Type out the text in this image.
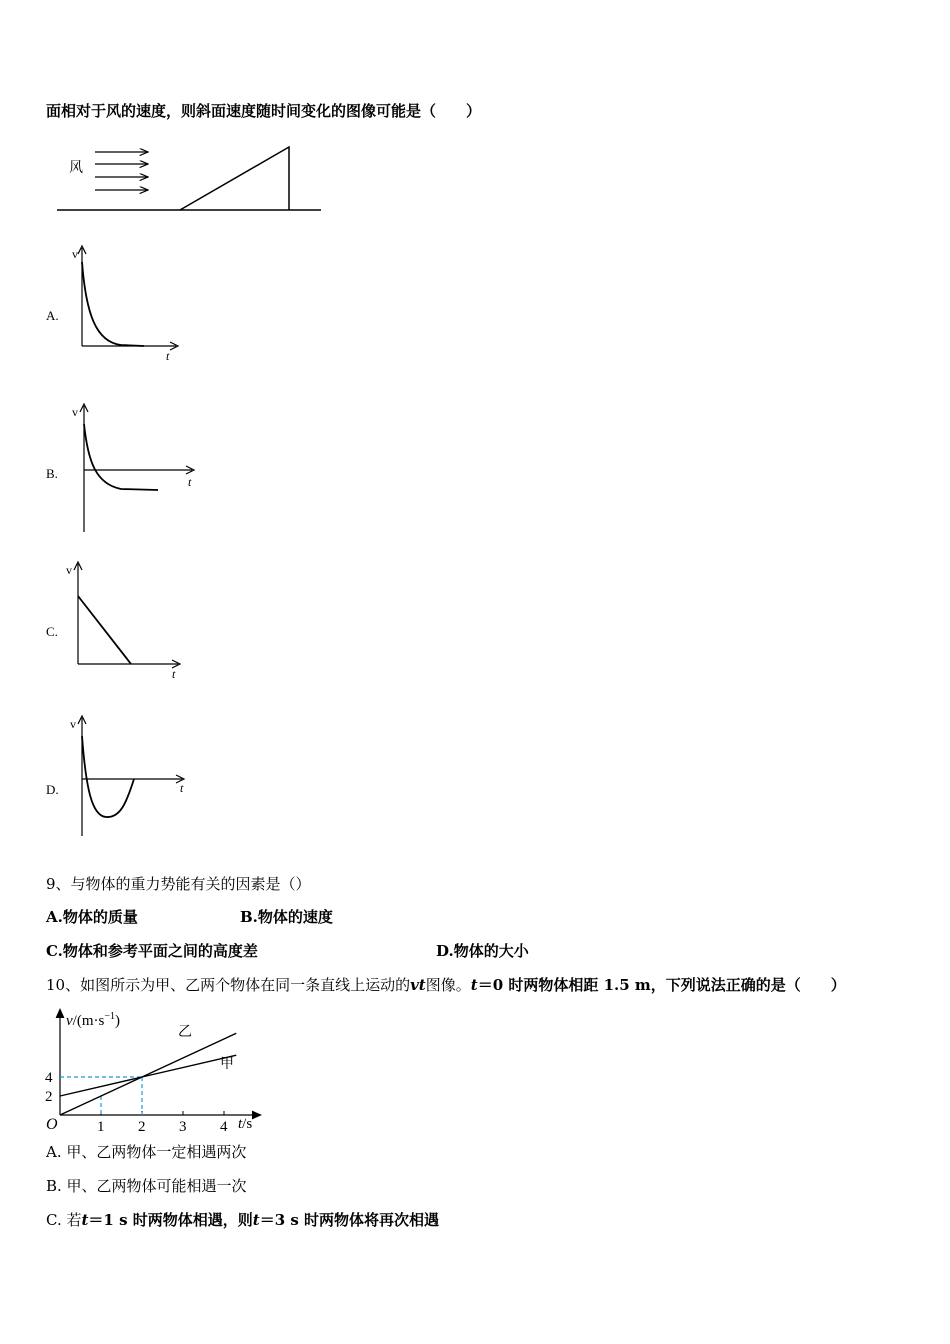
面相对于风的速度，则斜面速度随时间变化的图像可能是（　　）
风
A.
v
t
B.
v
t
C.
v
t
D.
v
t
9、与物体的重力势能有关的因素是（）
A.物体的质量	B.物体的速度
C.物体和参考平面之间的高度差	D.物体的大小
10、如图所示为甲、乙两个物体在同一条直线上运动的vt图像。t＝0 时两物体相距 1.5 m，下列说法正确的是（　　）
$v/(m\cdot s^{-1})$
t/s
O	1 2 3 4
2
4
乙
甲
A. 甲、乙两物体一定相遇两次
B. 甲、乙两物体可能相遇一次
C. 若t＝1 s 时两物体相遇，则t＝3 s 时两物体将再次相遇
